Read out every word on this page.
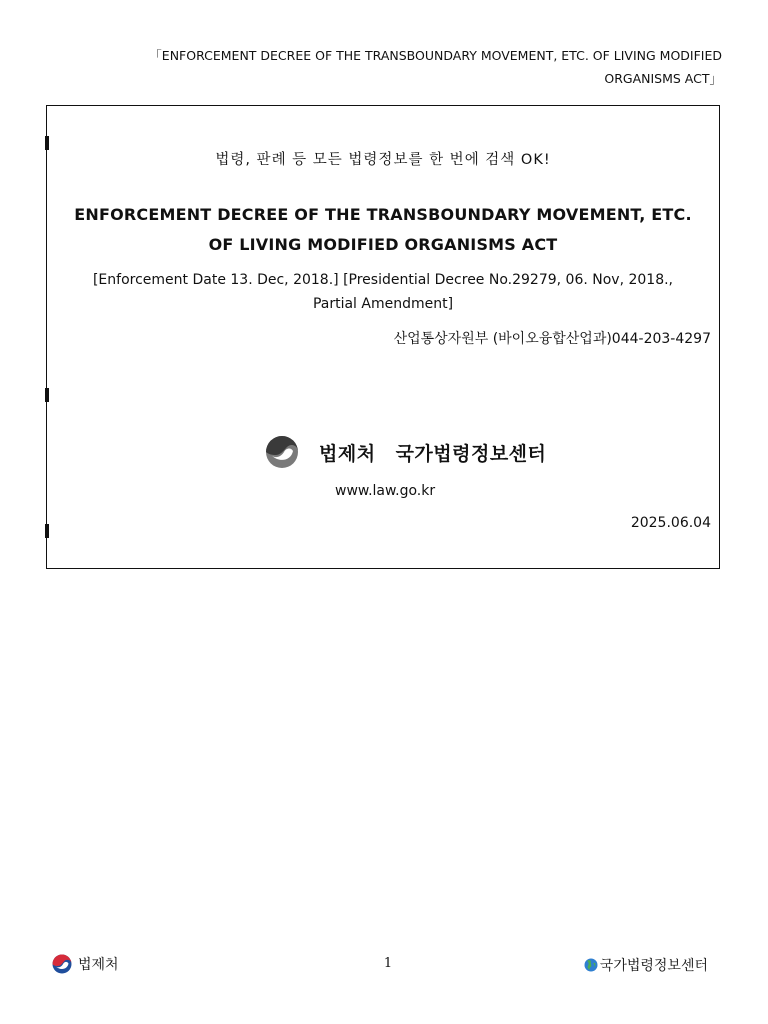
「ENFORCEMENT DECREE OF THE TRANSBOUNDARY MOVEMENT, ETC. OF LIVING MODIFIED ORGANISMS ACT」
법령, 판례 등 모든 법령정보를 한 번에 검색 OK!
ENFORCEMENT DECREE OF THE TRANSBOUNDARY MOVEMENT, ETC. OF LIVING MODIFIED ORGANISMS ACT
[Enforcement Date 13. Dec, 2018.] [Presidential Decree No.29279, 06. Nov, 2018., Partial Amendment]
산업통상자원부 (바이오융합산업과)044-203-4297
법제처 국가법령정보센터
www.law.go.kr
2025.06.04
법제처	1	국가법령정보센터
